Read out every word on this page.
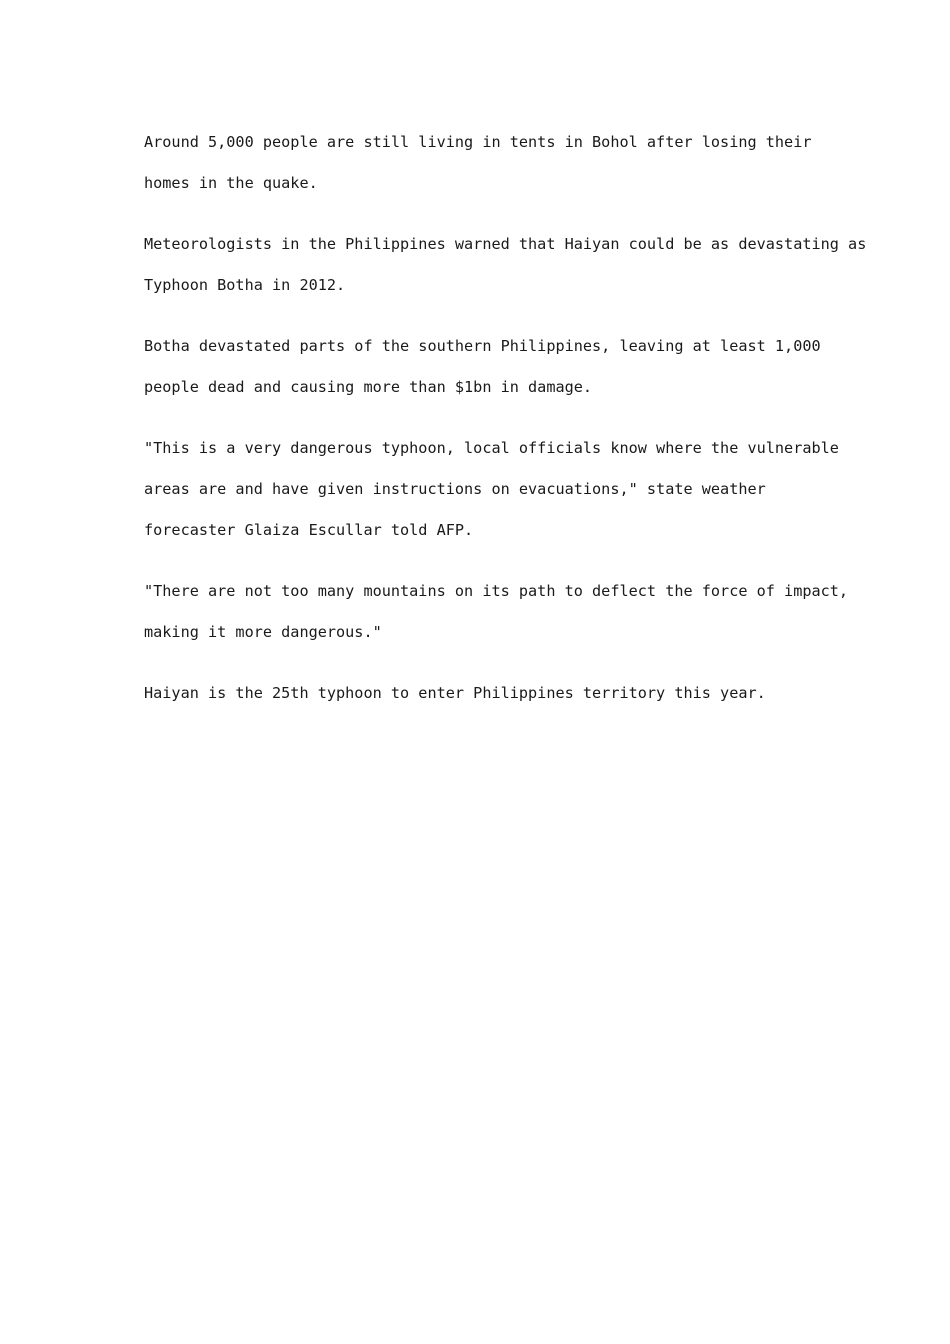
Around 5,000 people are still living in tents in Bohol after losing their
homes in the quake.

Meteorologists in the Philippines warned that Haiyan could be as devastating as
Typhoon Botha in 2012.

Botha devastated parts of the southern Philippines, leaving at least 1,000
people dead and causing more than $1bn in damage.

"This is a very dangerous typhoon, local officials know where the vulnerable
areas are and have given instructions on evacuations," state weather
forecaster Glaiza Escullar told AFP.

"There are not too many mountains on its path to deflect the force of impact,
making it more dangerous."

Haiyan is the 25th typhoon to enter Philippines territory this year.
